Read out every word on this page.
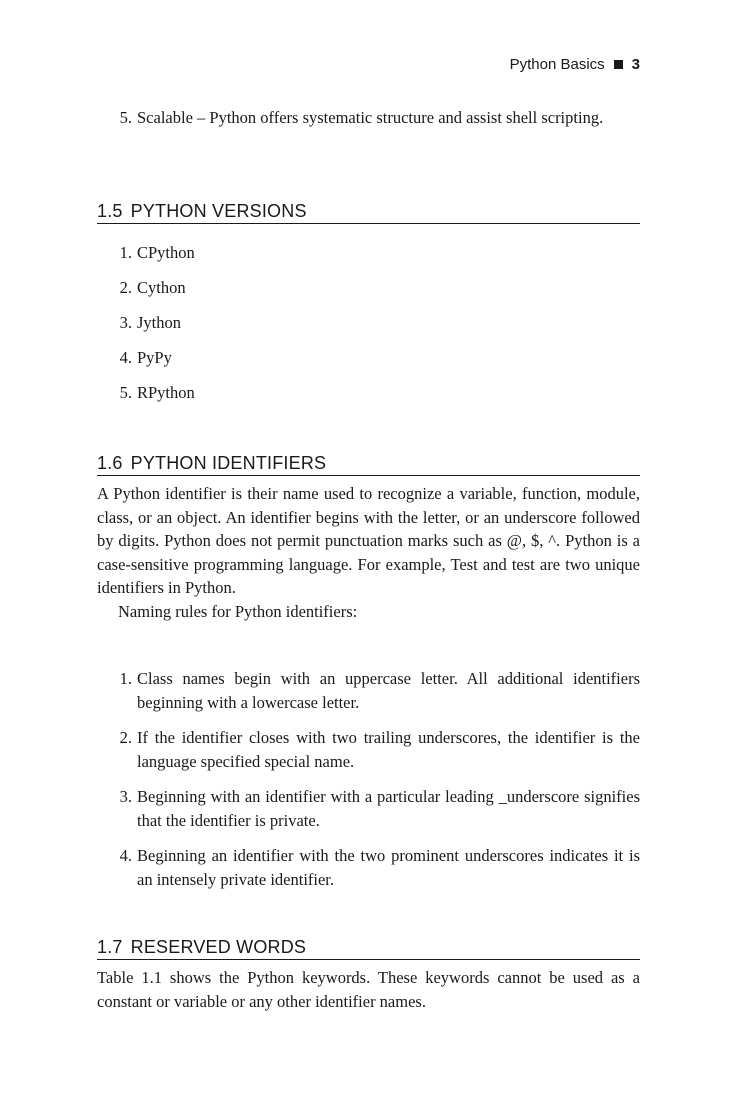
Python Basics 3
5. Scalable – Python offers systematic structure and assist shell scripting.
1.5 PYTHON VERSIONS
1. CPython
2. Cython
3. Jython
4. PyPy
5. RPython
1.6 PYTHON IDENTIFIERS

A Python identifier is their name used to recognize a variable, function, module, class, or an object. An identifier begins with the letter, or an underscore followed by digits. Python does not permit punctuation marks such as @, $, ^. Python is a case-sensitive programming language. For example, Test and test are two unique identifiers in Python.

Naming rules for Python identifiers:

1. Class names begin with an uppercase letter. All additional identifiers beginning with a lowercase letter.
2. If the identifier closes with two trailing underscores, the identifier is the language specified special name.
3. Beginning with an identifier with a particular leading _underscore signifies that the identifier is private.
4. Beginning an identifier with the two prominent underscores indicates it is an intensely private identifier.
1.7 RESERVED WORDS

Table 1.1 shows the Python keywords. These keywords cannot be used as a constant or variable or any other identifier names.
